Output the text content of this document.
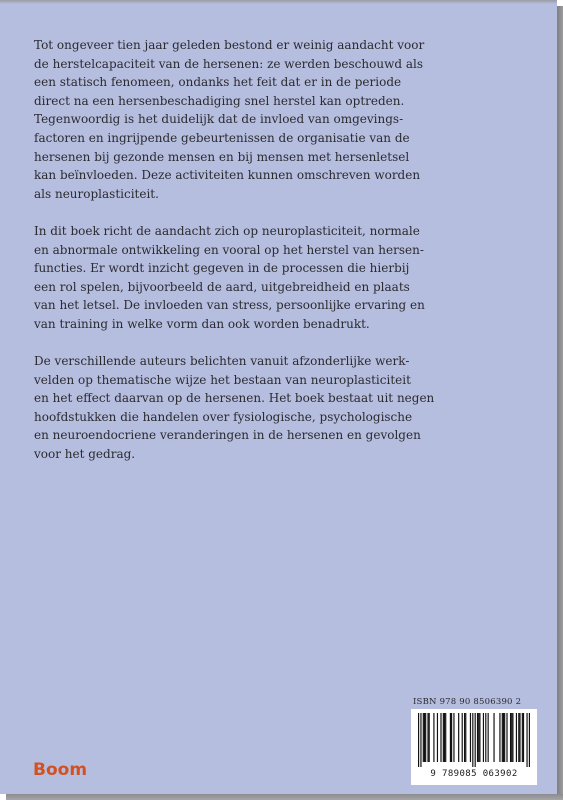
Tot ongeveer tien jaar geleden bestond er weinig aandacht voor
de herstelcapaciteit van de hersenen: ze werden beschouwd als
een statisch fenomeen, ondanks het feit dat er in de periode
direct na een hersenbeschadiging snel herstel kan optreden.
Tegenwoordig is het duidelijk dat de invloed van omgevings-
factoren en ingrijpende gebeurtenissen de organisatie van de
hersenen bij gezonde mensen en bij mensen met hersenletsel
kan beïnvloeden. Deze activiteiten kunnen omschreven worden
als neuroplasticiteit.

In dit boek richt de aandacht zich op neuroplasticiteit, normale
en abnormale ontwikkeling en vooral op het herstel van hersen-
functies. Er wordt inzicht gegeven in de processen die hierbij
een rol spelen, bijvoorbeeld de aard, uitgebreidheid en plaats
van het letsel. De invloeden van stress, persoonlijke ervaring en
van training in welke vorm dan ook worden benadrukt.

De verschillende auteurs belichten vanuit afzonderlijke werk-
velden op thematische wijze het bestaan van neuroplasticiteit
en het effect daarvan op de hersenen. Het boek bestaat uit negen
hoofdstukken die handelen over fysiologische, psychologische
en neuroendocriene veranderingen in de hersenen en gevolgen
voor het gedrag.

ISBN 978 90 8506390 2
9 789085 063902
Boom
